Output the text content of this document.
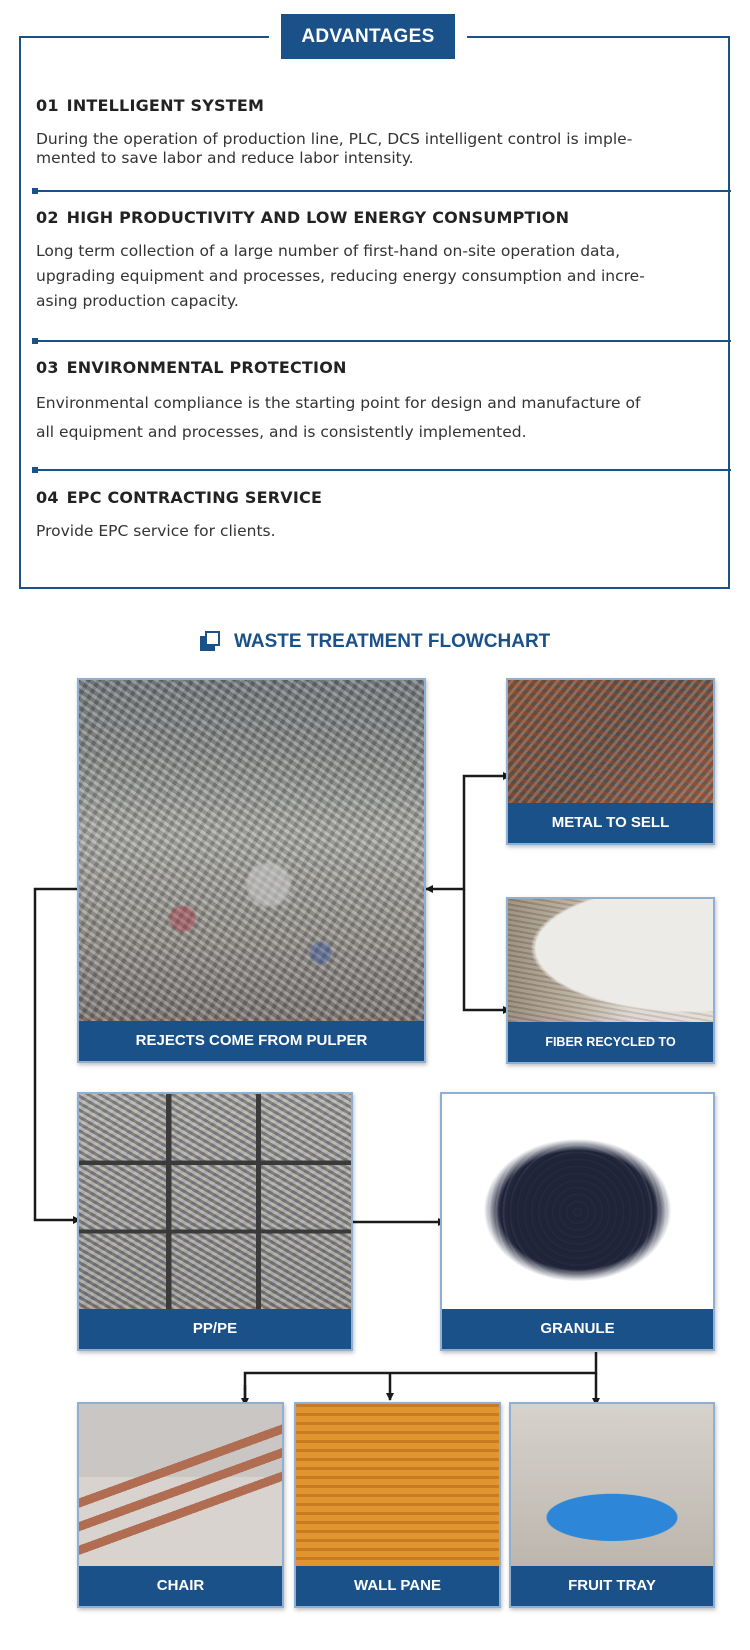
ADVANTAGES
01 INTELLIGENT SYSTEM
During the operation of production line, PLC, DCS intelligent control is imple-
mented to save labor and reduce labor intensity.
02 HIGH PRODUCTIVITY AND LOW ENERGY CONSUMPTION
Long term collection of a large number of first-hand on-site operation data,
upgrading equipment and processes, reducing energy consumption and incre-
asing production capacity.
03 ENVIRONMENTAL PROTECTION
Environmental compliance is the starting point for design and manufacture of
all equipment and processes, and is consistently implemented.
04 EPC CONTRACTING SERVICE
Provide EPC service for clients.
WASTE TREATMENT FLOWCHART
REJECTS COME FROM PULPER
METAL TO SELL
FIBER RECYCLED TO PAPERMAKING
PP/PE	GRANULE
CHAIR	WALL PANE	FRUIT TRAY
